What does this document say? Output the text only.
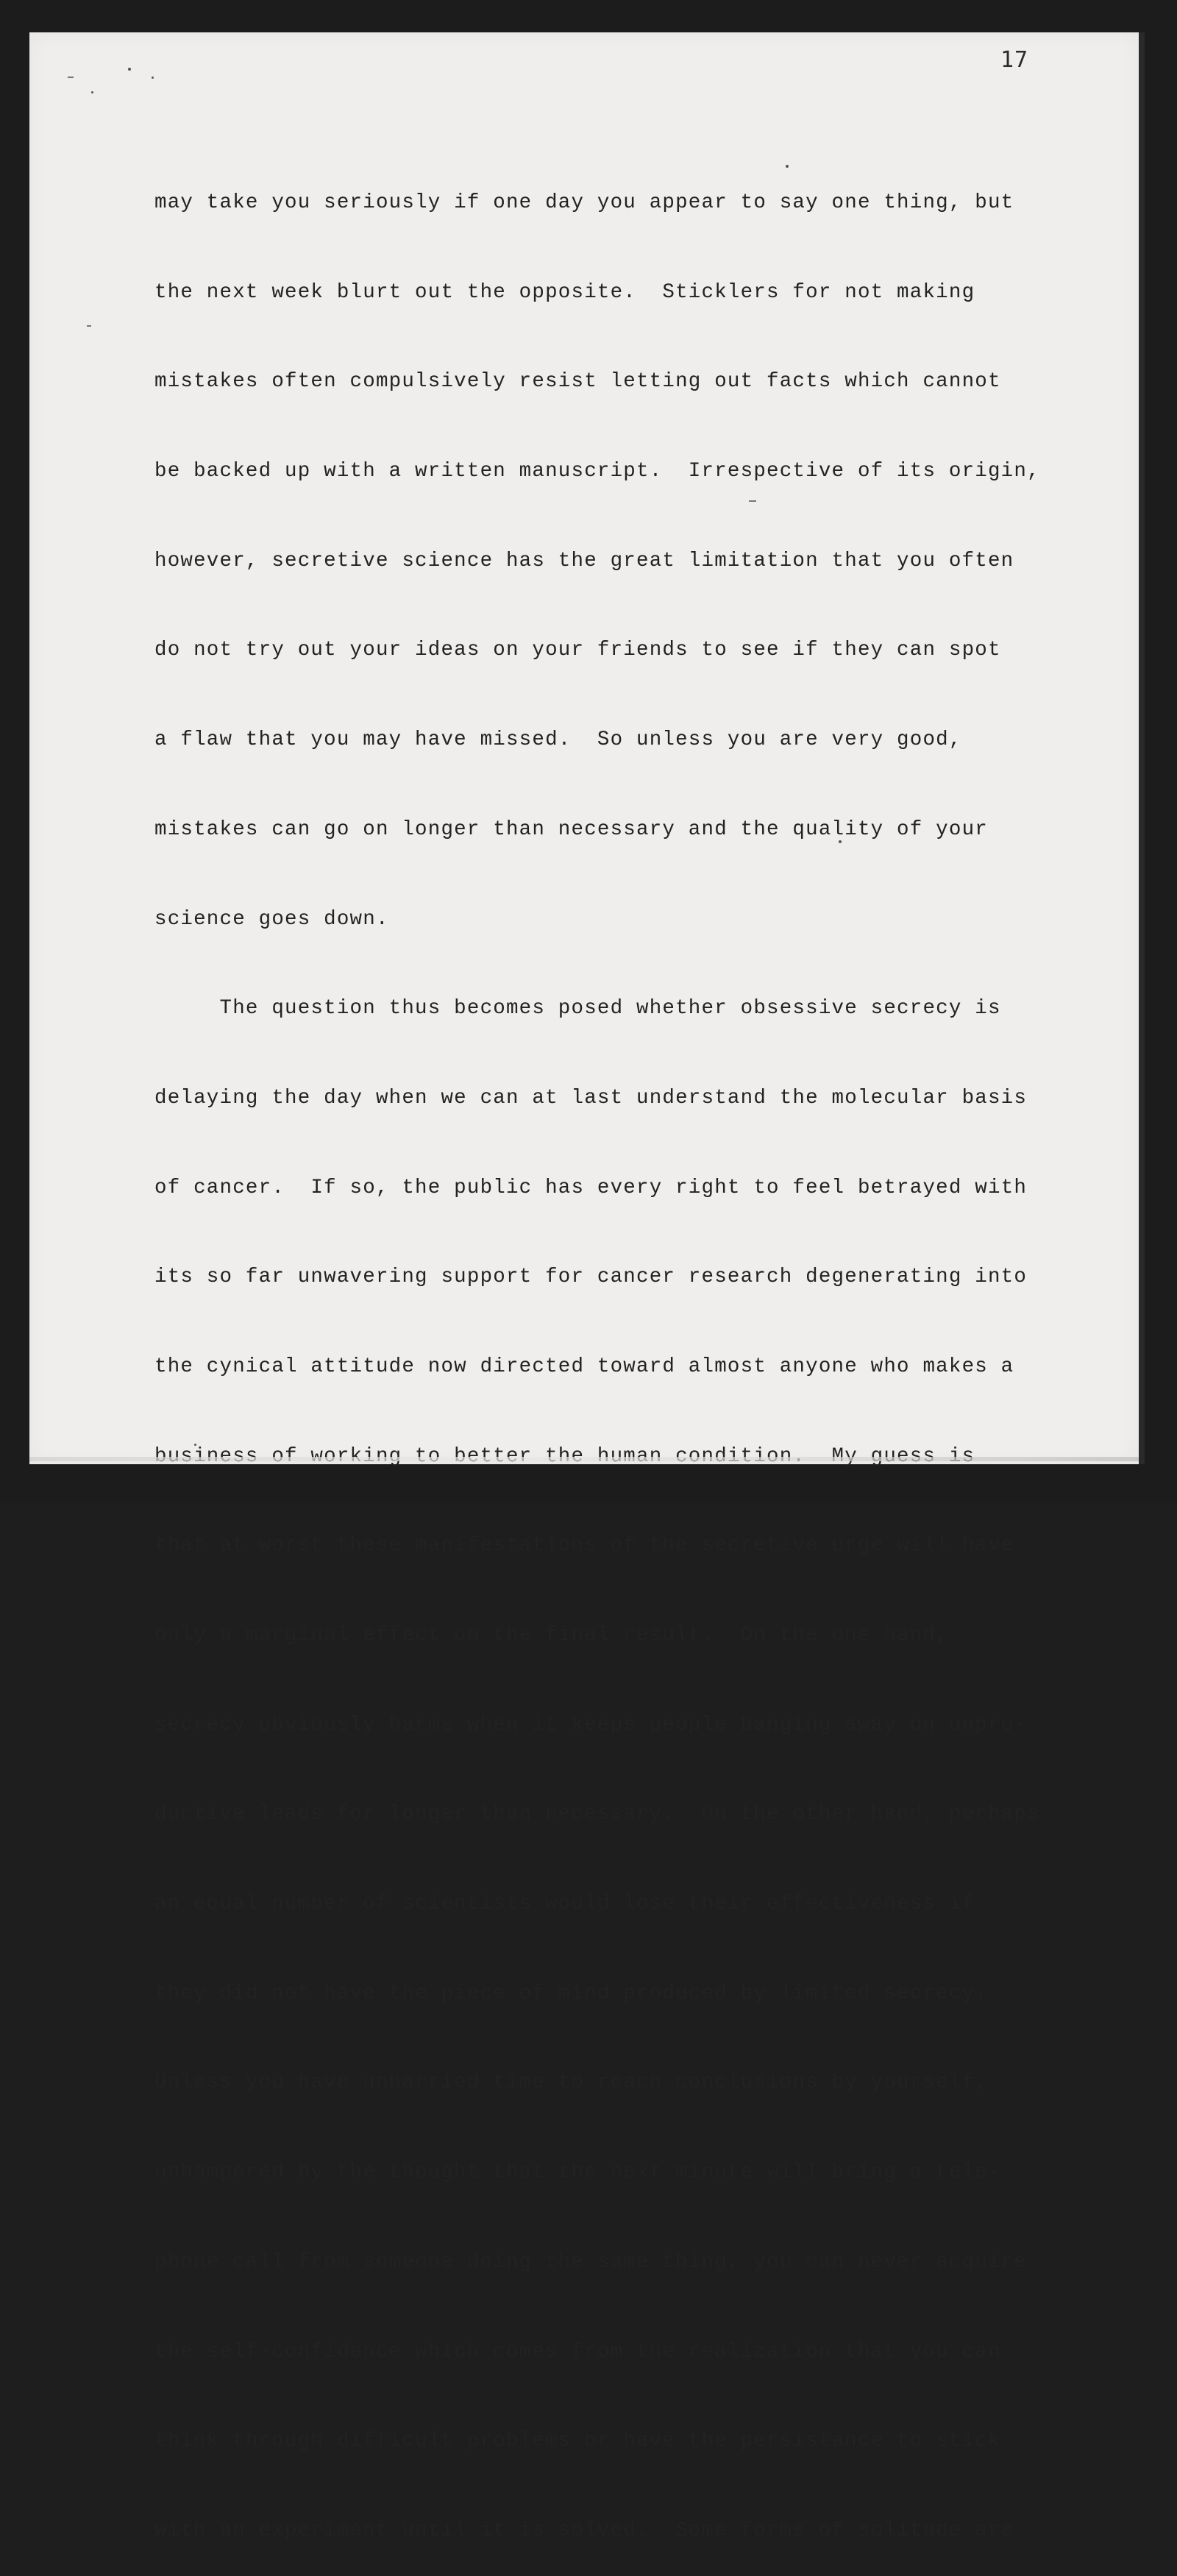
17

may take you seriously if one day you appear to say one thing, but

the next week blurt out the opposite.  Sticklers for not making

mistakes often compulsively resist letting out facts which cannot

be backed up with a written manuscript.  Irrespective of its origin,

however, secretive science has the great limitation that you often

do not try out your ideas on your friends to see if they can spot

a flaw that you may have missed.  So unless you are very good,

mistakes can go on longer than necessary and the quality of your

science goes down.

The question thus becomes posed whether obsessive secrecy is

delaying the day when we can at last understand the molecular basis

of cancer.  If so, the public has every right to feel betrayed with

its so far unwavering support for cancer research degenerating into

the cynical attitude now directed toward almost anyone who makes a

that at worst these manifestations of the secretive urge will have

only a marginal effect on the final result.  On the one hand,

secrecy obviously harms when it keeps people banging away on unpro-

ductive leads for longer than necessary.  On the other hand, perhaps

an equal number of scientists would lose their effectiveness if

they did not have the piece of mind produced by limited secrecy.

Unless you have unharried time to reach conclusions by yourself,

unhampered by the thought that the next minute will bring a tele-

phone call from someone doing the same thing, you can never acquire

the self-confidence which comes from the realization that you can

think through difficult problems or have the persistance to stick

with an experiment until it is solved.  Some forms of solitude are
